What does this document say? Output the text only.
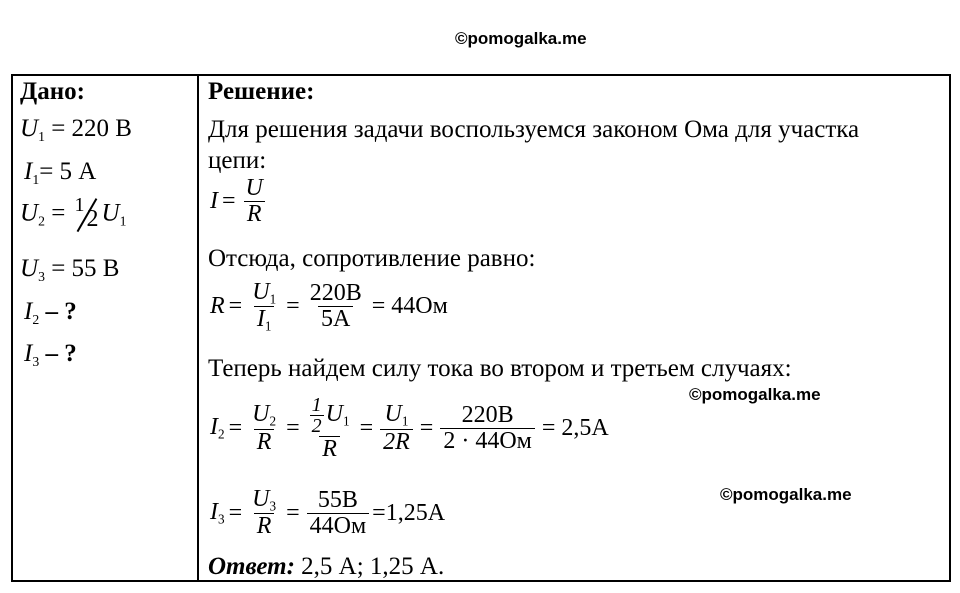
©pomogalka.me
©pomogalka.me
©pomogalka.me
Дано:
$U_1 = 220$ В
$I_1= 5$ А
$U_2 = 1$
2 $U_1$
$U_3 = 55$ В
$I_2$ – ?
$I_3$ – ?
Решение:
Для решения задачи воспользуемся законом Ома для участка
цепи:
$I = \frac{U}{R}$
Отсюда, сопротивление равно:
$R = \frac{U_1}{I_1} = \frac{220В}{5А} = 44Ом$
Теперь найдем силу тока во втором и третьем случаях:
$I_2 = \frac{U_2}{R} = \frac{\frac{1}{2} U_1}{R} = \frac{U_1}{2R} = \frac{220В}{2 \cdot 44Ом} = 2,5А$
$I_3 = \frac{U_3}{R} = \frac{55В}{44Ом} =1,25А$
Ответ: 2,5 А; 1,25 А.
